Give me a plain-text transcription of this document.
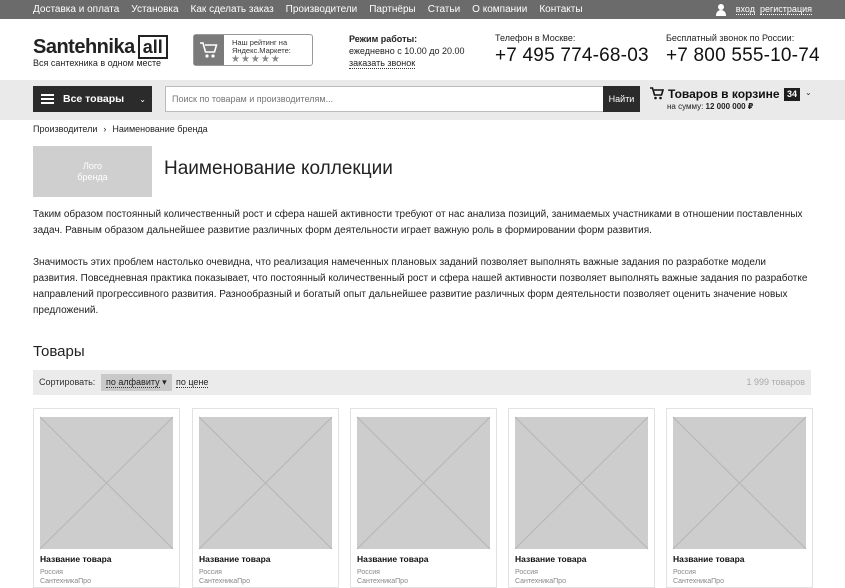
Доставка и оплата Установка Как сделать заказ Производители Партнёры Статьи О компании Контакты	вход регистрация
Santehnika all
Вся сантехника в одном месте
Наш рейтинг на Яндекс.Маркете:
★★★★★
Режим работы:
ежедневно с 10.00 до 20.00
заказать звонок
Телефон в Москве:
+7 495 774-68-03
Бесплатный звонок по России:
+7 800 555-10-74
Все товары ⌄
Поиск по товарам и производителям...	Найти	Товаров в корзине
на сумму: 12 000 000 ₽
34	⌄
Производители › Наименование бренда
Лого бренда	Наименование коллекции

Таким образом постоянный количественный рост и сфера нашей активности требуют от нас анализа позиций, занимаемых участниками в отношении поставленных задач. Равным образом дальнейшее развитие различных форм деятельности играет важную роль в формировании форм развития.

Значимость этих проблем настолько очевидна, что реализация намеченных плановых заданий позволяет выполнять важные задания по разработке модели развития. Повседневная практика показывает, что постоянный количественный рост и сфера нашей активности позволяет выполнять важные задания по разработке направлений прогрессивного развития. Разнообразный и богатый опыт дальнейшее развитие различных форм деятельности позволяет оценить значение новых предложений.

Товары
Сортировать:	по алфавиту ▾	по цене	1 999 товаров
Название товара
Россия
СантехникаПро
Название товара
Россия
СантехникаПро
Название товара
Россия
СантехникаПро
Название товара
Россия
СантехникаПро
Название товара
Россия
СантехникаПро
